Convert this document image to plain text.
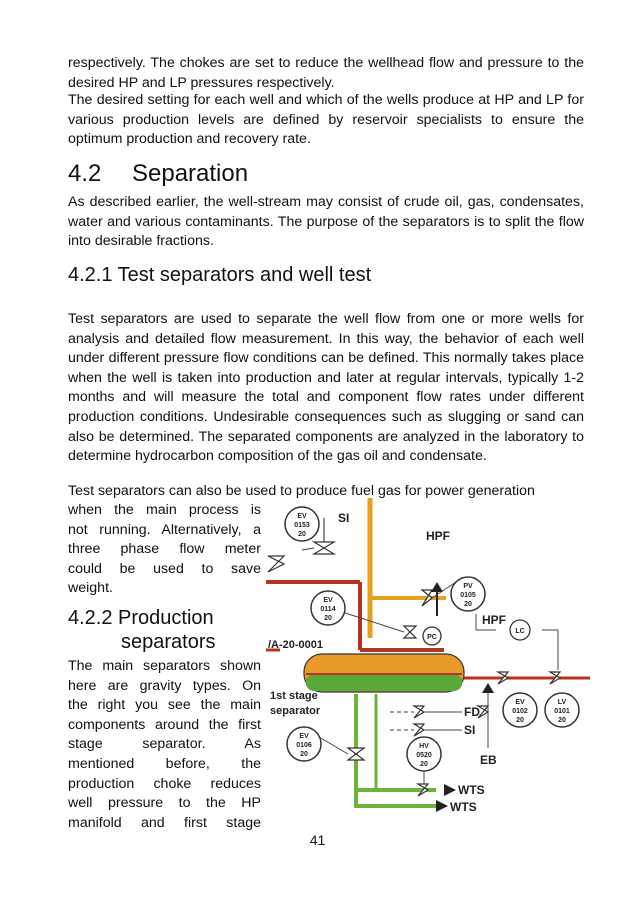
respectively. The chokes are set to reduce the wellhead flow and pressure to the desired HP and LP pressures respectively.

The desired setting for each well and which of the wells produce at HP and LP for various production levels are defined by reservoir specialists to ensure the optimum production and recovery rate.

4.2 Separation

As described earlier, the well-stream may consist of crude oil, gas, condensates, water and various contaminants. The purpose of the separators is to split the flow into desirable fractions.

4.2.1 Test separators and well test

Test separators are used to separate the well flow from one or more wells for analysis and detailed flow measurement. In this way, the behavior of each well under different pressure flow conditions can be defined. This normally takes place when the well is taken into production and later at regular intervals, typically 1-2 months and will measure the total and component flow rates under different production conditions. Undesirable consequences such as slugging or sand can also be determined. The separated components are analyzed in the laboratory to determine hydrocarbon composition of the gas oil and condensate.

Test separators can also be used to produce fuel gas for power generation

when the main process is
not running. Alternatively, a
three phase flow meter
could be used to save
weight.
4.2.2 Production
separators
The main separators shown
here are gravity types. On
the right you see the main
components around the first
stage separator. As
mentioned before, the
production choke reduces
well pressure to the HP
manifold and first stage
EV
0153
20
EV
0114
20
PV
0105
20
EV
0106
20
HV
0520
20
EV
0102
20
LV
0101
20
PC
LC
SI
HPF
HPF
/A-20-0001
1st stage
separator	FD
SI
EB
WTS
WTS
41
